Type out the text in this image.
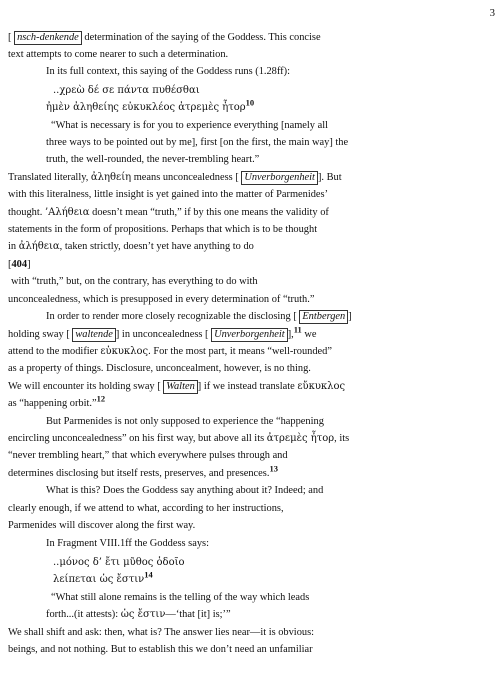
3
[ nsch-denkende determination of the saying of the Goddess. This concise
text attempts to come nearer to such a determination.
In its full context, this saying of the Goddess runs (1.28ff):
..χρεὼ δέ σε πάντα πυθέσθαι
ἠμὲν ἀληθείης εὐκυκλέος ἀτρεμὲς ἦτορ$^{10}$
“What is necessary is for you to experience everything [namely all
three ways to be pointed out by me], first [on the first, the main way] the
truth, the well-rounded, the never-trembling heart.”
Translated literally, ἀληθείη means unconcealedness [ Unverborgenheit ]. But
with this literalness, little insight is yet gained into the matter of Parmenides’
thought. ’Αλήθεια doesn’t mean “truth,” if by this one means the validity of
statements in the form of propositions. Perhaps that which is to be thought
in ἀλήθεια, taken strictly, doesn’t yet have anything to do
[404]
with “truth,” but, on the contrary, has everything to do with
unconcealedness, which is presupposed in every determination of “truth.”
In order to render more closely recognizable the disclosing [ Entbergen ]
holding sway [ waltende ] in unconcealedness [ Unverborgenheit ],$^{11}$ we
attend to the modifier εὐκυκλος. For the most part, it means “well-rounded”
as a property of things. Disclosure, unconcealment, however, is no thing.
We will encounter its holding sway [ Walten ] if we instead translate εὔκυκλος
as “happening orbit.”$^{12}$
But Parmenides is not only supposed to experience the “happening
encircling unconcealedness” on his first way, but above all its ἀτρεμὲς ἦτορ, its
“never trembling heart,” that which everywhere pulses through and
determines disclosing but itself rests, preserves, and presences.$^{13}$
What is this? Does the Goddess say anything about it? Indeed; and
clearly enough, if we attend to what, according to her instructions,
Parmenides will discover along the first way.
In Fragment VIII.1ff the Goddess says:
..μόνος δ’ ἔτι μῦθος ὁδοῖο
λείπεται ὡς ἔστιν$^{14}$
“What still alone remains is the telling of the way which leads
forth...(it attests): ὡς ἔστιν—‘that [it] is;’”
We shall shift and ask: then, what is? The answer lies near—it is obvious:
beings, and not nothing. But to establish this we don’t need an unfamiliar
